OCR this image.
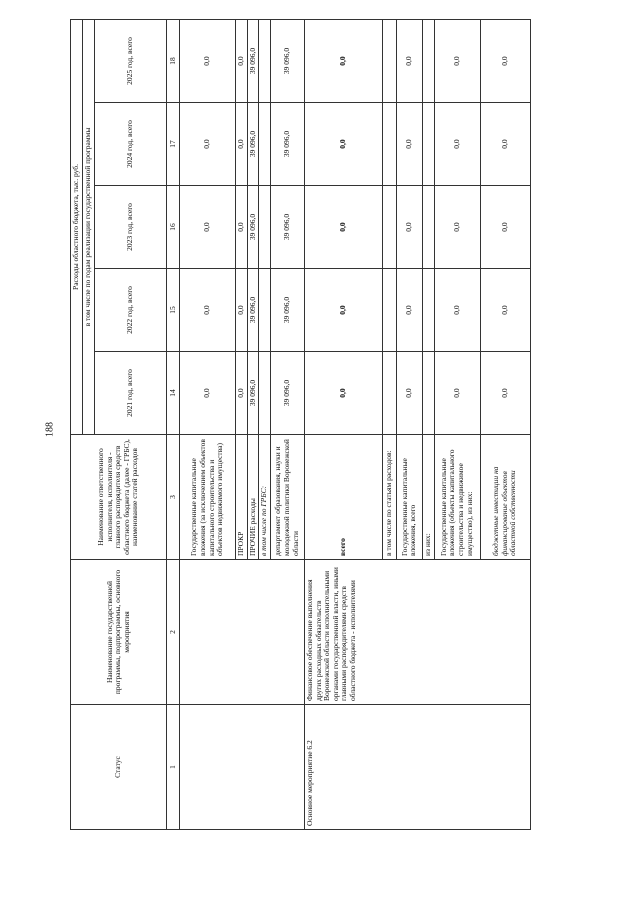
188
Статус	Наименование государственной программы, подпрограммы, основного мероприятия	Наименование ответственного исполнителя, исполнителя - главного распорядителя средств областного бюджета (далее - ГРБС), наименование статей расходов	Расходы областного бюджета, тыс. руб.				
			в том числе по годам реализации государственной программы				
			2021 год, всего	2022 год, всего	2023 год, всего	2024 год, всего	2025 год, всего
1	2	3	14	15	16	17	18
		Государственные капитальные вложения (за исключением объектов капитального строительства и объектов недвижимого имущества)	0,0	0,0	0,0	0,0	0,0
		ПРОКР	0,0	0,0	0,0	0,0	0,0
		ПРОЧИЕ расходы	39 096,0	39 096,0	39 096,0	39 096,0	39 096,0
		в том числе по ГРБС:					
		департамент образования, науки и молодежной политики Воронежской области	39 096,0	39 096,0	39 096,0	39 096,0	39 096,0
Основное мероприятие 6.2	Финансовое обеспечение выполнения других расходных обязательств Воронежской области исполнительными органами государственной власти, иными главными распорядителями средств областного бюджета - исполнителями	всего	0,0	0,0	0,0	0,0	0,0
		в том числе по статьям расходов:					
		Государственные капитальные вложения, всего	0,0	0,0	0,0	0,0	0,0
		из них:					
		Государственные капитальные вложения (объекты капитального строительства и недвижимое имущество), из них:	0,0	0,0	0,0	0,0	0,0
		бюджетные инвестиции на финансирование объектов областной собственности	0,0	0,0	0,0	0,0	0,0
